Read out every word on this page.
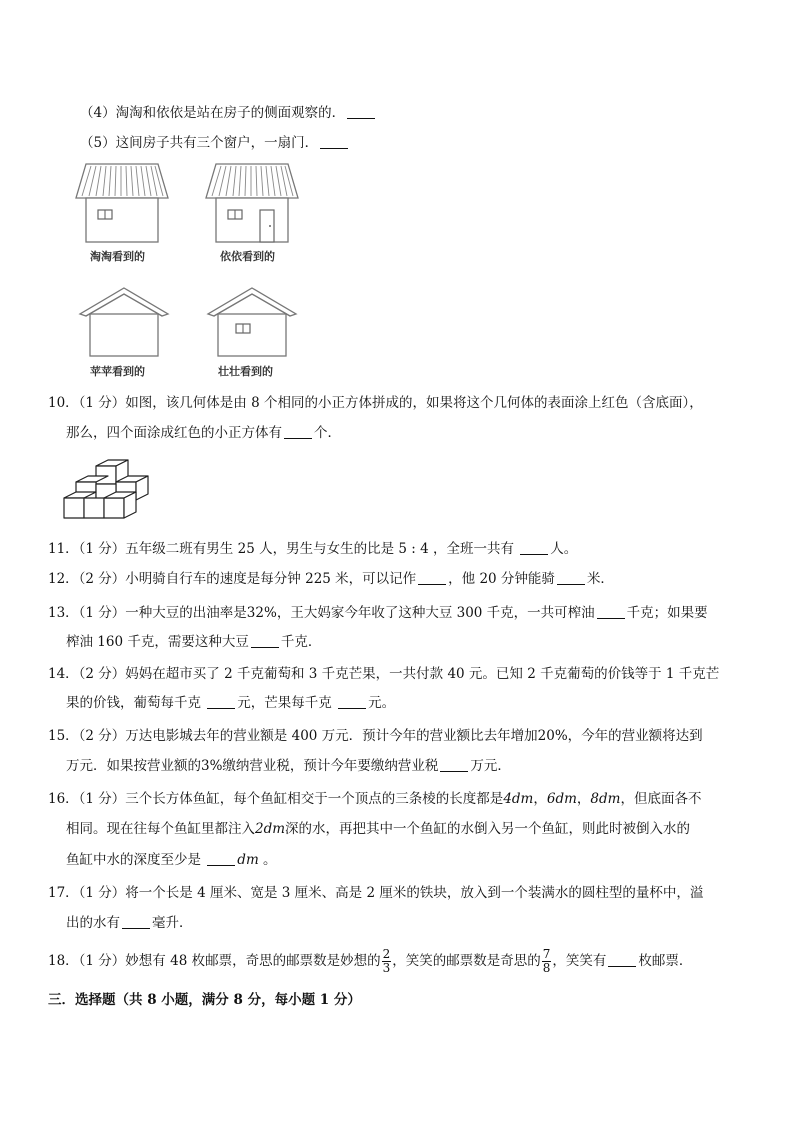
（4）淘淘和依依是站在房子的侧面观察的．
（5）这间房子共有三个窗户，一扇门．
淘淘看到的	依依看到的
苹苹看到的	壮壮看到的
10．（1 分）如图，该几何体是由 8 个相同的小正方体拼成的，如果将这个几何体的表面涂上红色（含底面），
那么，四个面涂成红色的小正方体有 个．
11．（1 分）五年级二班有男生 25 人，男生与女生的比是 5 : 4 ，全班一共有 人。
12．（2 分）小明骑自行车的速度是每分钟 225 米，可以记作 ，他 20 分钟能骑 米．
13．（1 分）一种大豆的出油率是32%，王大妈家今年收了这种大豆 300 千克，一共可榨油 千克；如果要
榨油 160 千克，需要这种大豆 千克．
14．（2 分）妈妈在超市买了 2 千克葡萄和 3 千克芒果，一共付款 40 元。已知 2 千克葡萄的价钱等于 1 千克芒
果的价钱，葡萄每千克 元，芒果每千克 元。
15．（2 分）万达电影城去年的营业额是 400 万元．预计今年的营业额比去年增加20%，今年的营业额将达到
万元．如果按营业额的3%缴纳营业税，预计今年要缴纳营业税 万元．
16．（1 分）三个长方体鱼缸，每个鱼缸相交于一个顶点的三条棱的长度都是4dm，6dm，8dm，但底面各不
相同。现在往每个鱼缸里都注入2dm深的水，再把其中一个鱼缸的水倒入另一个鱼缸，则此时被倒入水的
鱼缸中水的深度至少是 dm 。
17．（1 分）将一个长是 4 厘米、宽是 3 厘米、高是 2 厘米的铁块，放入到一个装满水的圆柱型的量杯中，溢
出的水有 毫升．
18．（1 分）妙想有 48 枚邮票，奇思的邮票数是妙想的 $\frac{2}{3}$ ，笑笑的邮票数是奇思的 $\frac{7}{8}$ ，笑笑有 枚邮票．
三．选择题（共 8 小题，满分 8 分，每小题 1 分）
